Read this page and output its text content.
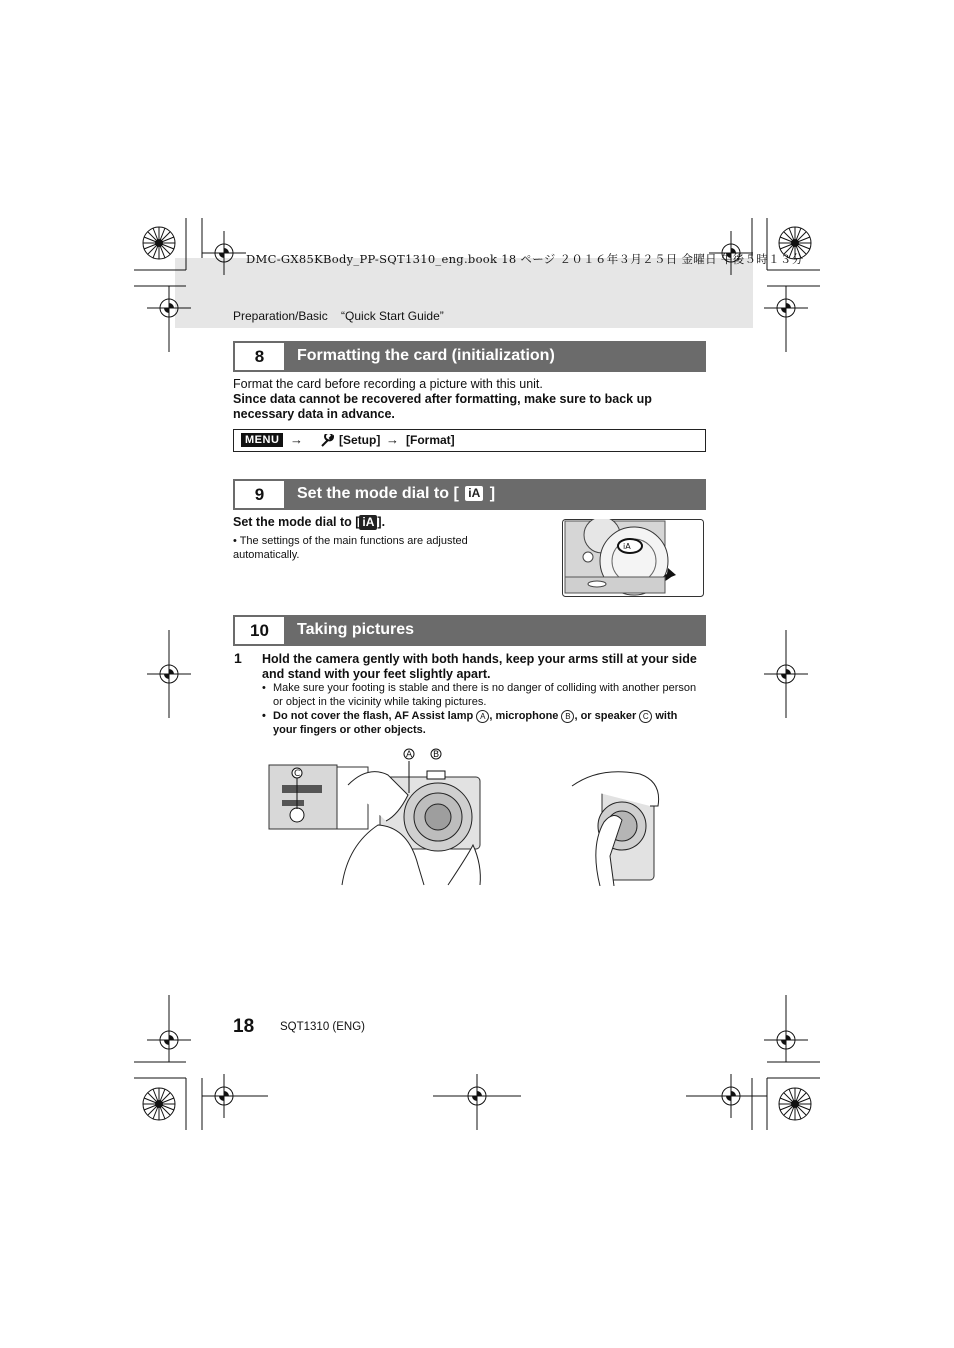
DMC-GX85KBody_PP-SQT1310_eng.book 18 ページ ２０１６年３月２５日 金曜日 午後５時１３分
Preparation/Basic    “Quick Start Guide”
8	Formatting the card (initialization)
Format the card before recording a picture with this unit.
Since data cannot be recovered after formatting, make sure to back up necessary data in advance.
MENU →	[Setup] → [Format]
9	Set the mode dial to [ iA ]
Set the mode dial to [ iA ].
• The settings of the main functions are adjusted automatically.
iA
10	Taking pictures
1 Hold the camera gently with both hands, keep your arms still at your side and stand with your feet slightly apart.
• Make sure your footing is stable and there is no danger of colliding with another person or object in the vicinity while taking pictures.
• Do not cover the flash, AF Assist lamp A , microphone B , or speaker C with your fingers or other objects.
A B
C
18 SQT1310 (ENG)
